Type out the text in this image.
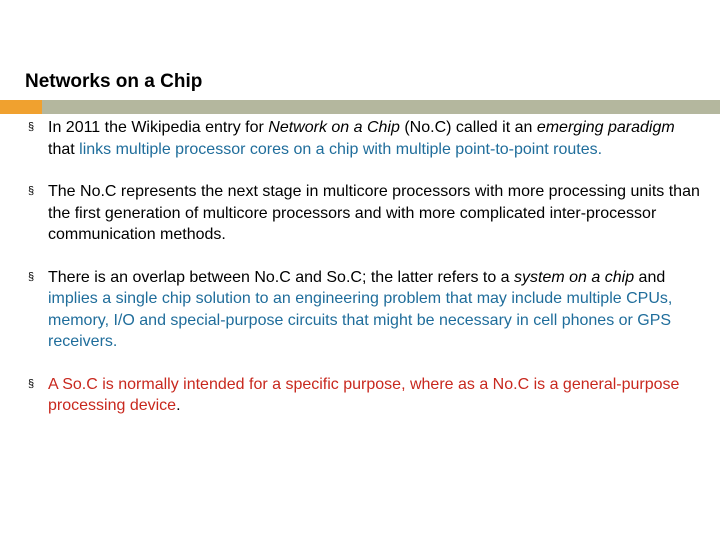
Networks on a Chip
§ In 2011 the Wikipedia entry for Network on a Chip (No.C) called it an emerging paradigm that links multiple processor cores on a chip with multiple point-to-point routes.
§ The No.C represents the next stage in multicore processors with more processing units than the first generation of multicore processors and with more complicated inter-processor communication methods.
§ There is an overlap between No.C and So.C; the latter refers to a system on a chip and implies a single chip solution to an engineering problem that may include multiple CPUs, memory, I/O and special-purpose circuits that might be necessary in cell phones or GPS receivers.
§ A So.C is normally intended for a specific purpose, where as a No.C is a general-purpose processing device.
